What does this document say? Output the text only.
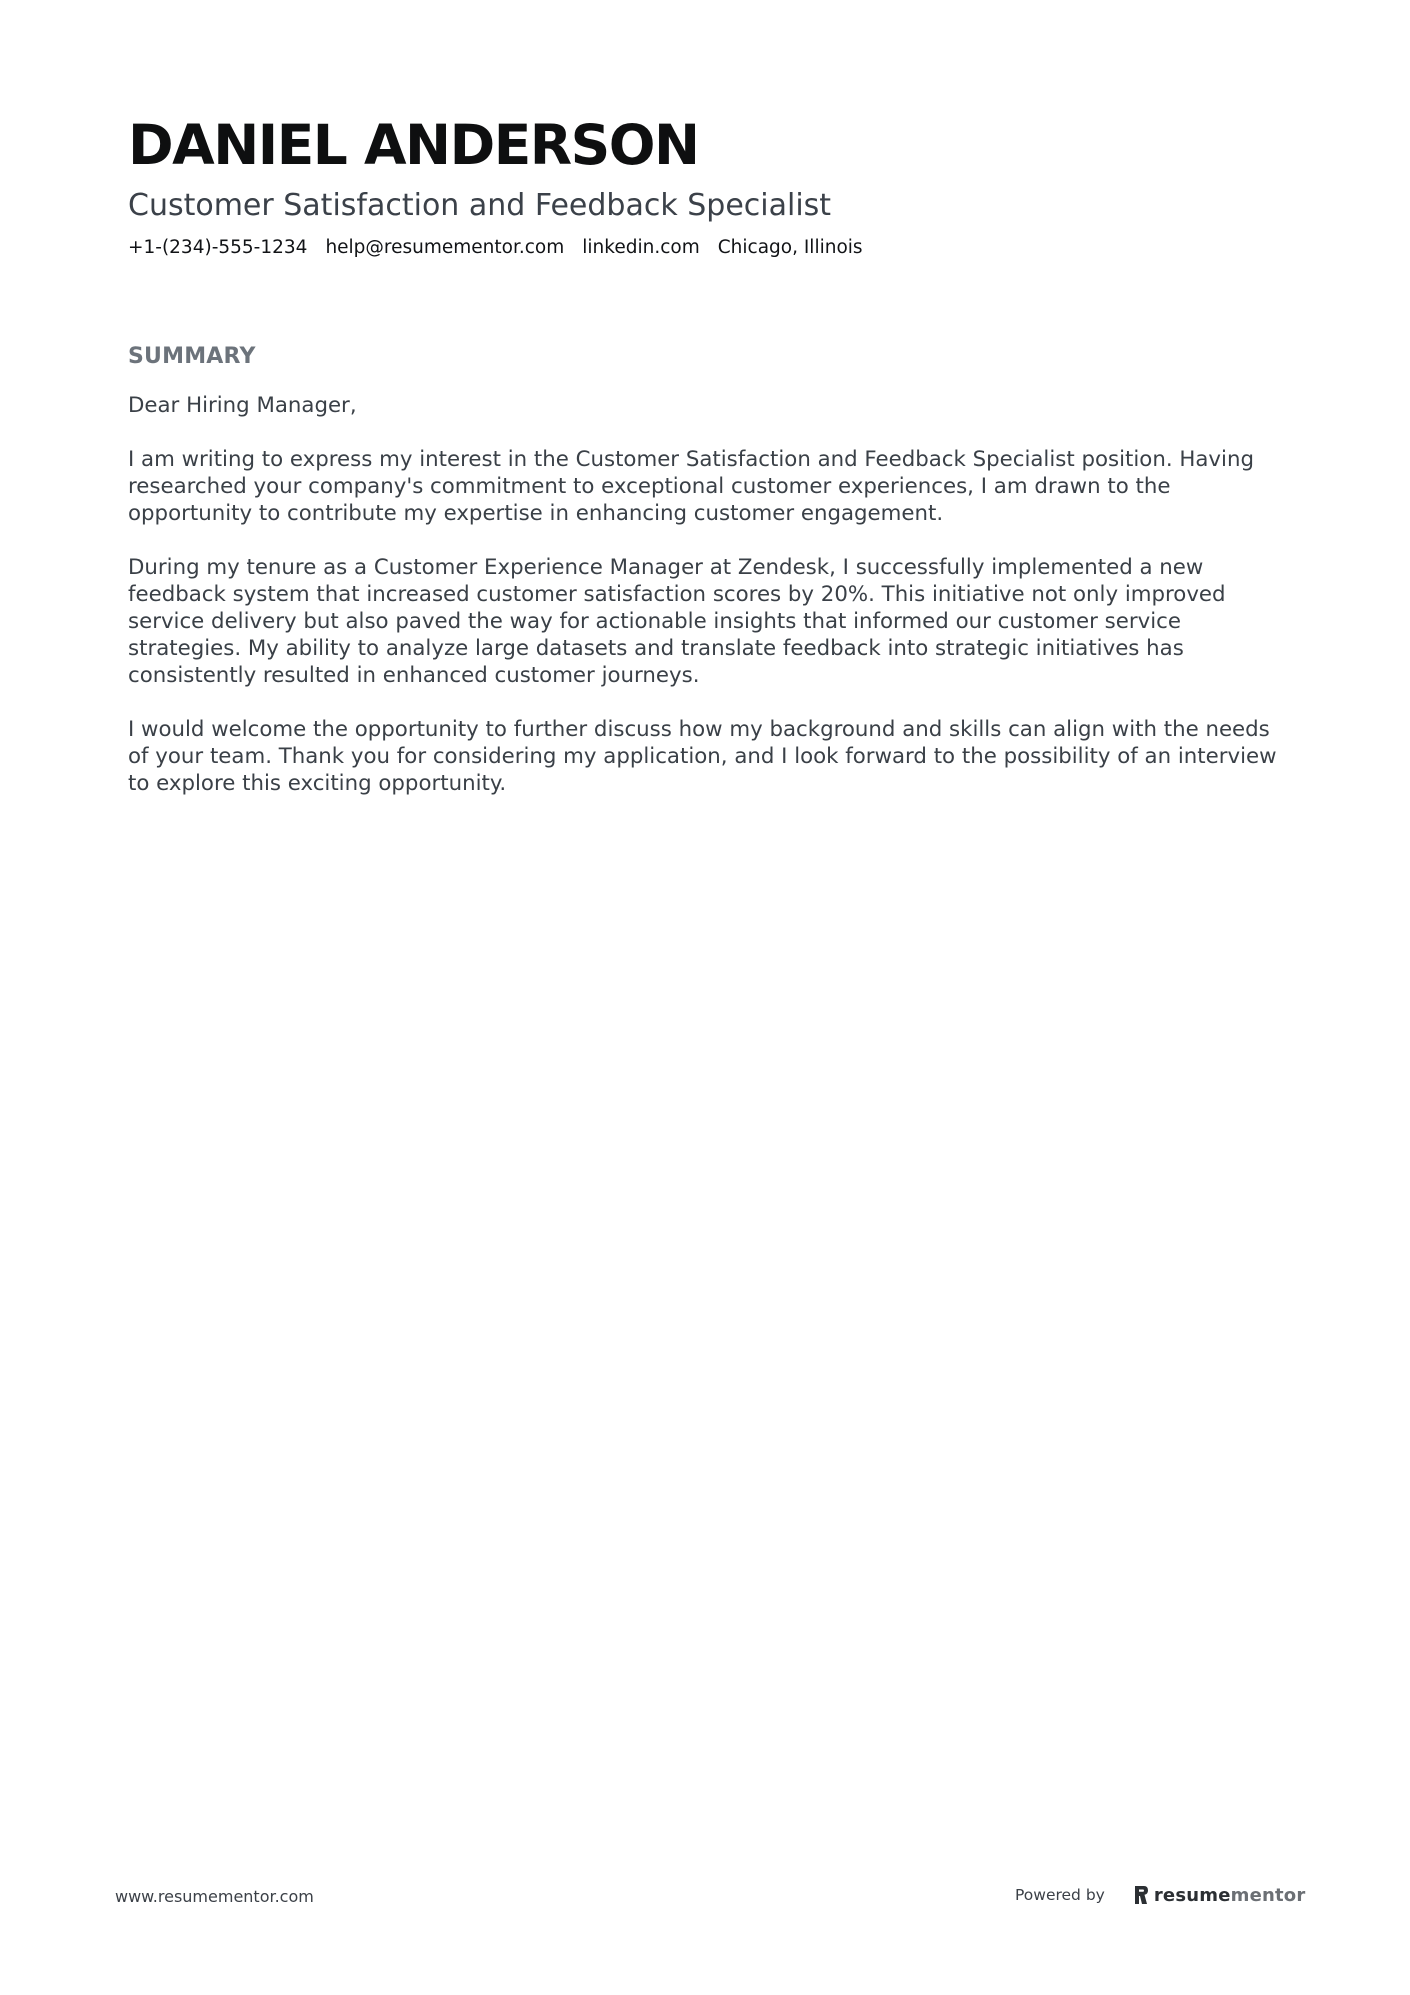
DANIEL ANDERSON
Customer Satisfaction and Feedback Specialist
+1-(234)-555-1234 help@resumementor.com linkedin.com Chicago, Illinois
SUMMARY

Dear Hiring Manager,

I am writing to express my interest in the Customer Satisfaction and Feedback Specialist position. Having researched your company's commitment to exceptional customer experiences, I am drawn to the opportunity to contribute my expertise in enhancing customer engagement.

During my tenure as a Customer Experience Manager at Zendesk, I successfully implemented a new feedback system that increased customer satisfaction scores by 20%. This initiative not only improved service delivery but also paved the way for actionable insights that informed our customer service strategies. My ability to analyze large datasets and translate feedback into strategic initiatives has consistently resulted in enhanced customer journeys.

I would welcome the opportunity to further discuss how my background and skills can align with the needs of your team. Thank you for considering my application, and I look forward to the possibility of an interview to explore this exciting opportunity.

www.resumementor.com	Powered by	resumementor
